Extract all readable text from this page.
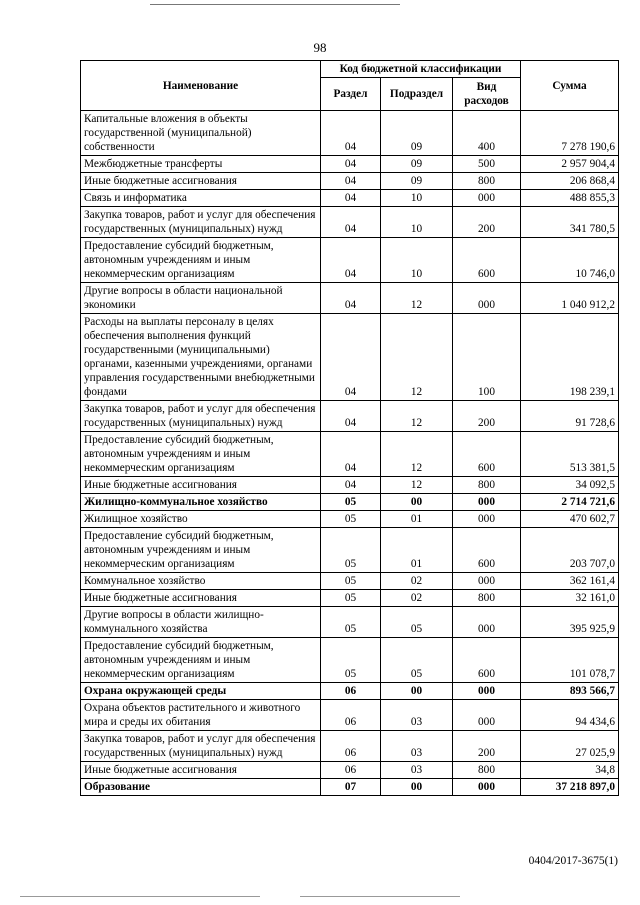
98
Наименование	Код бюджетной классификации			Сумма
	Раздел	Подраздел	Вид расходов	
Капитальные вложения в объекты государственной (муниципальной) собственности	04	09	400	7 278 190,6
Межбюджетные трансферты	04	09	500	2 957 904,4
Иные бюджетные ассигнования	04	09	800	206 868,4
Связь и информатика	04	10	000	488 855,3
Закупка товаров, работ и услуг для обеспечения государственных (муниципальных) нужд	04	10	200	341 780,5
Предоставление субсидий бюджетным, автономным учреждениям и иным некоммерческим организациям	04	10	600	10 746,0
Другие вопросы в области национальной экономики	04	12	000	1 040 912,2
Расходы на выплаты персоналу в целях обеспечения выполнения функций государственными (муниципальными) органами, казенными учреждениями, органами управления государственными внебюджетными фондами	04	12	100	198 239,1
Закупка товаров, работ и услуг для обеспечения государственных (муниципальных) нужд	04	12	200	91 728,6
Предоставление субсидий бюджетным, автономным учреждениям и иным некоммерческим организациям	04	12	600	513 381,5
Иные бюджетные ассигнования	04	12	800	34 092,5
Жилищно-коммунальное хозяйство	05	00	000	2 714 721,6
Жилищное хозяйство	05	01	000	470 602,7
Предоставление субсидий бюджетным, автономным учреждениям и иным некоммерческим организациям	05	01	600	203 707,0
Коммунальное хозяйство	05	02	000	362 161,4
Иные бюджетные ассигнования	05	02	800	32 161,0
Другие вопросы в области жилищно-коммунального хозяйства	05	05	000	395 925,9
Предоставление субсидий бюджетным, автономным учреждениям и иным некоммерческим организациям	05	05	600	101 078,7
Охрана окружающей среды	06	00	000	893 566,7
Охрана объектов растительного и животного мира и среды их обитания	06	03	000	94 434,6
Закупка товаров, работ и услуг для обеспечения государственных (муниципальных) нужд	06	03	200	27 025,9
Иные бюджетные ассигнования	06	03	800	34,8
Образование	07	00	000	37 218 897,0
0404/2017-3675(1)
